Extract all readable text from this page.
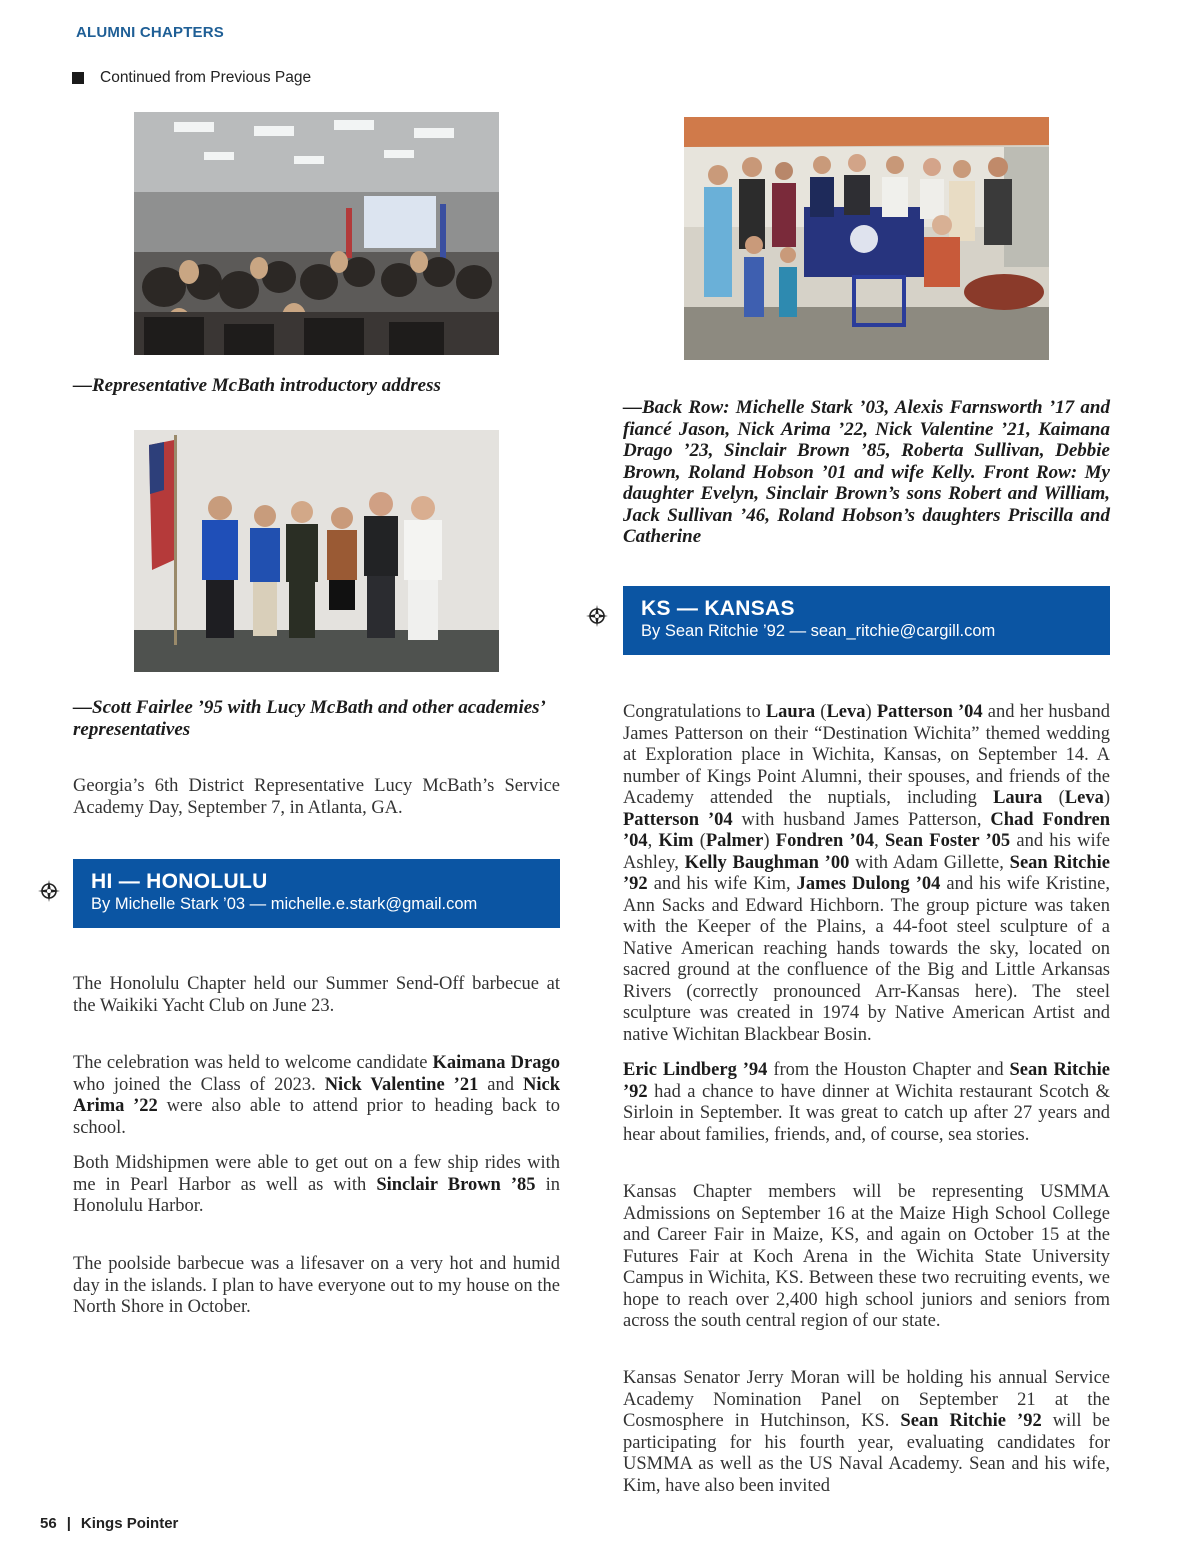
ALUMNI CHAPTERS
Continued from Previous Page
—Representative McBath introductory address
—Scott Fairlee ’95 with Lucy McBath and other academies’ representatives
Georgia’s 6th District Representative Lucy McBath’s Service Academy Day, September 7, in Atlanta, GA.
HI — HONOLULU
By Michelle Stark ’03 — michelle.e.stark@gmail.com
The Honolulu Chapter held our Summer Send-Off barbecue at the Waikiki Yacht Club on June 23.
The celebration was held to welcome candidate Kaimana Drago who joined the Class of 2023. Nick Valentine ’21 and Nick Arima ’22 were also able to attend prior to heading back to school.
Both Midshipmen were able to get out on a few ship rides with me in Pearl Harbor as well as with Sinclair Brown ’85 in Honolulu Harbor.
The poolside barbecue was a lifesaver on a very hot and humid day in the islands. I plan to have everyone out to my house on the North Shore in October.
—Back Row: Michelle Stark ’03, Alexis Farnsworth ’17 and fiancé Jason, Nick Arima ’22, Nick Valentine ’21, Kaimana Drago ’23, Sinclair Brown ’85, Roberta Sullivan, Debbie Brown, Roland Hobson ’01 and wife Kelly. Front Row: My daughter Evelyn, Sinclair Brown’s sons Robert and William, Jack Sullivan ’46, Roland Hobson’s daughters Priscilla and Catherine
KS — KANSAS
By Sean Ritchie ’92 — sean_ritchie@cargill.com
Congratulations to Laura (Leva) Patterson ’04 and her husband James Patterson on their “Destination Wichita” themed wedding at Exploration place in Wichita, Kansas, on September 14. A number of Kings Point Alumni, their spouses, and friends of the Academy attended the nuptials, including Laura (Leva) Patterson ’04 with husband James Patterson, Chad Fondren ’04, Kim (Palmer) Fondren ’04, Sean Foster ’05 and his wife Ashley, Kelly Baughman ’00 with Adam Gillette, Sean Ritchie ’92 and his wife Kim, James Dulong ’04 and his wife Kristine, Ann Sacks and Edward Hichborn. The group picture was taken with the Keeper of the Plains, a 44-foot steel sculpture of a Native American reaching hands towards the sky, located on sacred ground at the confluence of the Big and Little Arkansas Rivers (correctly pronounced Arr-Kansas here). The steel sculpture was created in 1974 by Native American Artist and native Wichitan Blackbear Bosin.
Eric Lindberg ’94 from the Houston Chapter and Sean Ritchie ’92 had a chance to have dinner at Wichita restaurant Scotch & Sirloin in September. It was great to catch up after 27 years and hear about families, friends, and, of course, sea stories.
Kansas Chapter members will be representing USMMA Admissions on September 16 at the Maize High School College and Career Fair in Maize, KS, and again on October 15 at the Futures Fair at Koch Arena in the Wichita State University Campus in Wichita, KS. Between these two recruiting events, we hope to reach over 2,400 high school juniors and seniors from across the south central region of our state.
Kansas Senator Jerry Moran will be holding his annual Service Academy Nomination Panel on September 21 at the Cosmosphere in Hutchinson, KS. Sean Ritchie ’92 will be participating for his fourth year, evaluating candidates for USMMA as well as the US Naval Academy. Sean and his wife, Kim, have also been invited
56 | Kings Pointer
